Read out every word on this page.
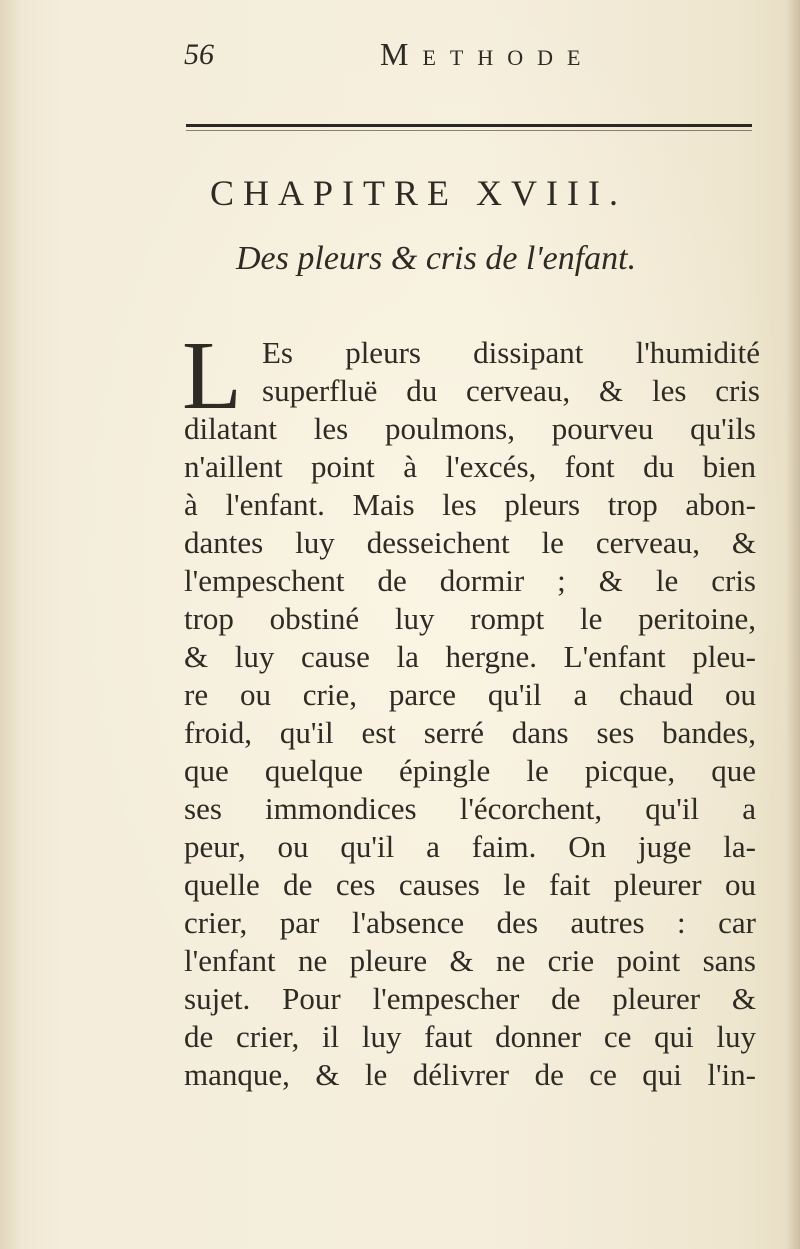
56	Methode
CHAPITRE XVIII.
Des pleurs & cris de l'enfant.
L Es pleurs dissipant l'humidité
superfluë du cerveau, & les cris
dilatant les poulmons, pourveu qu'ils
n'aillent point à l'excés, font du bien
à l'enfant. Mais les pleurs trop abon-
dantes luy desseichent le cerveau, &
l'empeschent de dormir ; & le cris
trop obstiné luy rompt le peritoine,
& luy cause la hergne. L'enfant pleu-
re ou crie, parce qu'il a chaud ou
froid, qu'il est serré dans ses bandes,
que quelque épingle le picque, que
ses immondices l'écorchent, qu'il a
peur, ou qu'il a faim. On juge la-
quelle de ces causes le fait pleurer ou
crier, par l'absence des autres : car
l'enfant ne pleure & ne crie point sans
sujet. Pour l'empescher de pleurer &
de crier, il luy faut donner ce qui luy
manque, & le délivrer de ce qui l'in-
